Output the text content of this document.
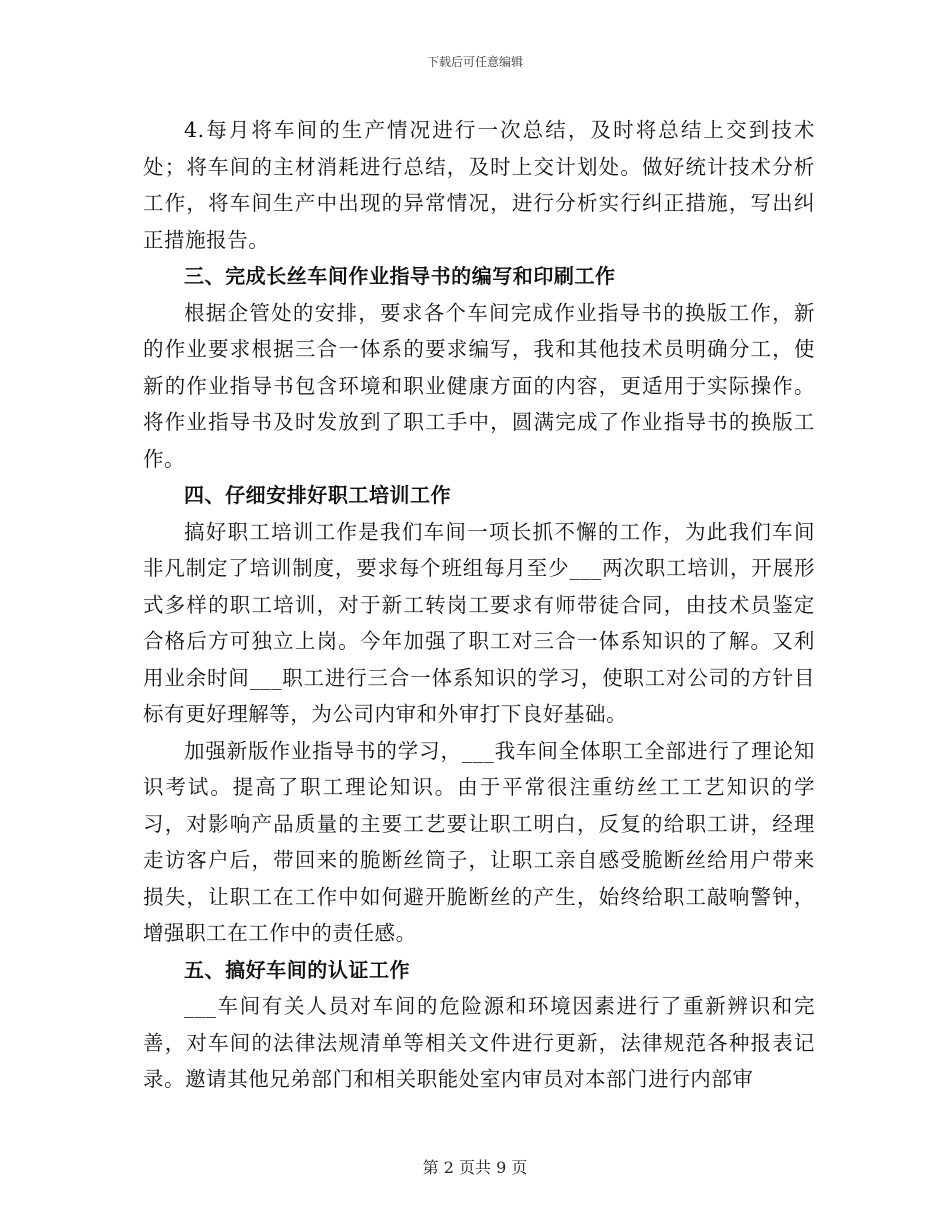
下载后可任意编辑

4.每月将车间的生产情况进行一次总结，及时将总结上交到技术处；将车间的主材消耗进行总结，及时上交计划处。做好统计技术分析工作，将车间生产中出现的异常情况，进行分析实行纠正措施，写出纠正措施报告。

三、完成长丝车间作业指导书的编写和印刷工作

根据企管处的安排，要求各个车间完成作业指导书的换版工作，新的作业要求根据三合一体系的要求编写，我和其他技术员明确分工，使新的作业指导书包含环境和职业健康方面的内容，更适用于实际操作。将作业指导书及时发放到了职工手中，圆满完成了作业指导书的换版工作。

四、仔细安排好职工培训工作

搞好职工培训工作是我们车间一项长抓不懈的工作，为此我们车间非凡制定了培训制度，要求每个班组每月至少___两次职工培训，开展形式多样的职工培训，对于新工转岗工要求有师带徒合同，由技术员鉴定合格后方可独立上岗。今年加强了职工对三合一体系知识的了解。又利用业余时间___职工进行三合一体系知识的学习，使职工对公司的方针目标有更好理解等，为公司内审和外审打下良好基础。

加强新版作业指导书的学习，___我车间全体职工全部进行了理论知识考试。提高了职工理论知识。由于平常很注重纺丝工工艺知识的学习，对影响产品质量的主要工艺要让职工明白，反复的给职工讲，经理走访客户后，带回来的脆断丝筒子，让职工亲自感受脆断丝给用户带来损失，让职工在工作中如何避开脆断丝的产生，始终给职工敲响警钟，增强职工在工作中的责任感。

五、搞好车间的认证工作

___车间有关人员对车间的危险源和环境因素进行了重新辨识和完善，对车间的法律法规清单等相关文件进行更新，法律规范各种报表记录。邀请其他兄弟部门和相关职能处室内审员对本部门进行内部审

第 2 页共 9 页
